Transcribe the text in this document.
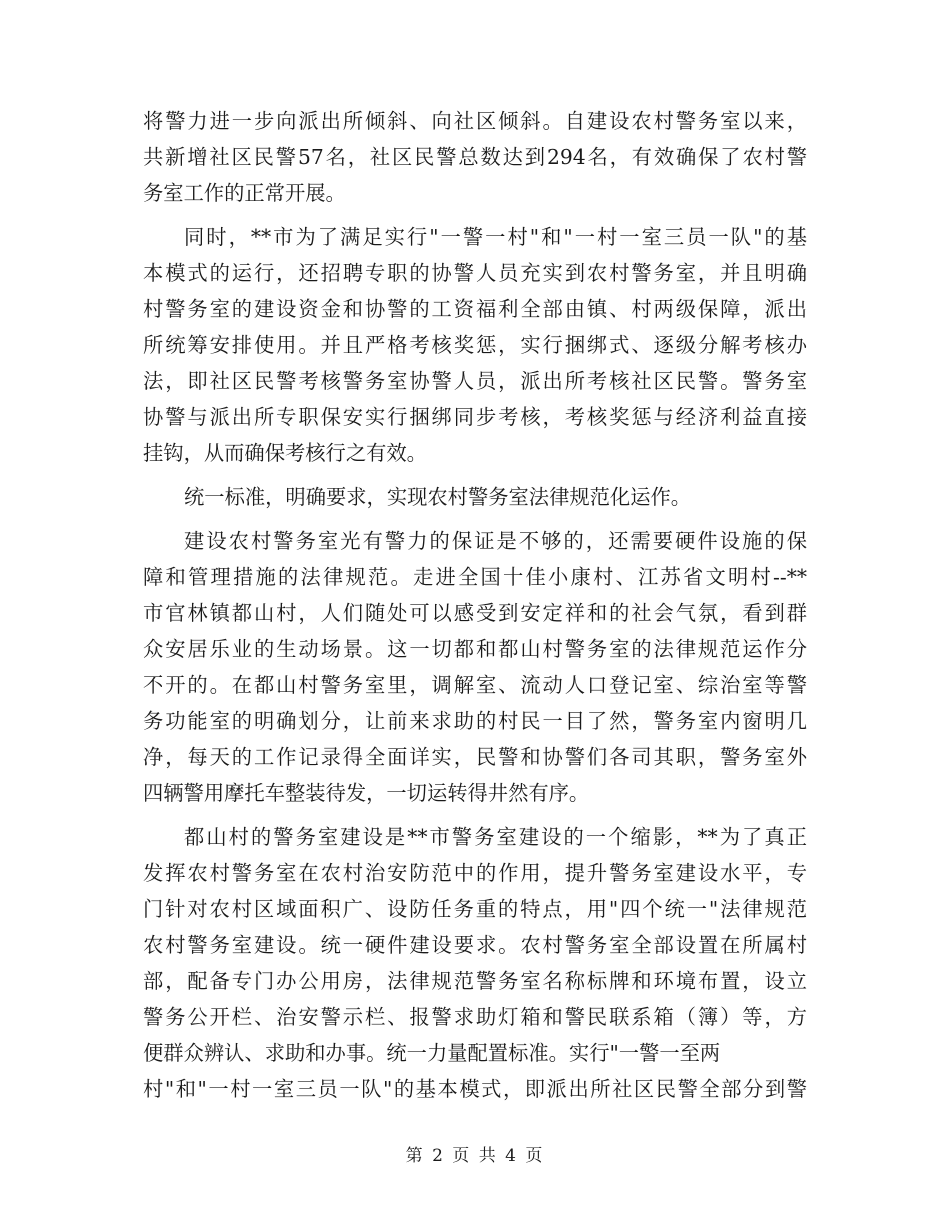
将警力进一步向派出所倾斜、向社区倾斜。自建设农村警务室以来，
共新增社区民警57名，社区民警总数达到294名，有效确保了农村警
务室工作的正常开展。
同时，**市为了满足实行"一警一村"和"一村一室三员一队"的基
本模式的运行，还招聘专职的协警人员充实到农村警务室，并且明确
村警务室的建设资金和协警的工资福利全部由镇、村两级保障，派出
所统筹安排使用。并且严格考核奖惩，实行捆绑式、逐级分解考核办
法，即社区民警考核警务室协警人员，派出所考核社区民警。警务室
协警与派出所专职保安实行捆绑同步考核，考核奖惩与经济利益直接
挂钩，从而确保考核行之有效。
统一标准，明确要求，实现农村警务室法律规范化运作。
建设农村警务室光有警力的保证是不够的，还需要硬件设施的保
障和管理措施的法律规范。走进全国十佳小康村、江苏省文明村--**
市官林镇都山村，人们随处可以感受到安定祥和的社会气氛，看到群
众安居乐业的生动场景。这一切都和都山村警务室的法律规范运作分
不开的。在都山村警务室里，调解室、流动人口登记室、综治室等警
务功能室的明确划分，让前来求助的村民一目了然，警务室内窗明几
净，每天的工作记录得全面详实，民警和协警们各司其职，警务室外
四辆警用摩托车整装待发，一切运转得井然有序。
都山村的警务室建设是**市警务室建设的一个缩影，**为了真正
发挥农村警务室在农村治安防范中的作用，提升警务室建设水平，专
门针对农村区域面积广、设防任务重的特点，用"四个统一"法律规范
农村警务室建设。统一硬件建设要求。农村警务室全部设置在所属村
部，配备专门办公用房，法律规范警务室名称标牌和环境布置，设立
警务公开栏、治安警示栏、报警求助灯箱和警民联系箱（簿）等，方
便群众辨认、求助和办事。统一力量配置标准。实行"一警一至两
村"和"一村一室三员一队"的基本模式，即派出所社区民警全部分到警
第 2 页 共 4 页
